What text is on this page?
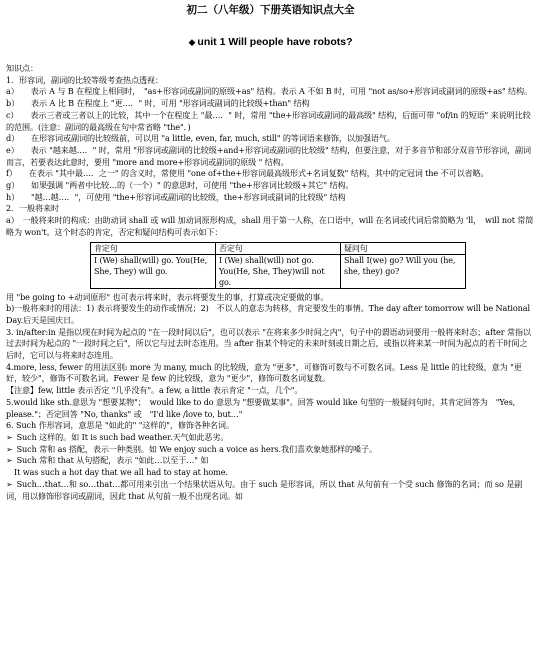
初二（八年级）下册英语知识点大全
◆ unit 1 Will people have robots?
知识点：
1．形容词，副词的比较等级考查热点透视：
a）　　表示 A 与 B 在程度上相同时，　"as+形容词或副词的原级+as" 结构。表示 A 不如 B 时，可用 "not as/so+形容词或副词的原级+as" 结构。
b）　　表示 A 比 B 在程度上 "更…．" 时，可用 "形容词或副词的比较级+than" 结构
c）　　表示三者或三者以上的比较，其中一个在程度上 "最…．" 时，常用 "the+形容词或副词的最高级" 结构，后面可带 "of/in 的短语" 来说明比较的范围。(注意：副词的最高级在句中常省略 "the"．)
d）　　在形容词或副词的比较级前，可以用 "a little, even, far, much, still" 的等词语来修饰，以加强语气。
e）　　表示 "越来越…．" 时，常用 "形容词或副词的比较级+and+形容词或副词的比较级" 结构，但要注意，对于多音节和部分双音节形容词，副词而言，若要表达此意时，要用 "more and more+形容词或副词的原级 " 结构。
f）　　在表示 "其中最…．之一" 的含义时，常使用 "one of+the+形容词最高级形式+名词复数" 结构，其中的定冠词 the 不可以省略。
g）　　如果强调 "两者中比较…的（一个）" 的意思时，可使用 "the+形容词比较级+其它" 结构。
h）　　"越…越…．"，可使用 "the+形容词或副词的比较级，the+形容词或副词的比较级" 结构
2．一般将来时
a）　一般将来时的构成：由助动词 shall 或 will 加动词原形构成，shall 用于第一人称，在口语中，will 在名词或代词后常简略为 'll，　will not 常简略为 won't。这个时态的肯定，否定和疑问结构可表示如下：
肯定句	否定句	疑问句
I (We) shall(will) go. You(He, She, They) will go.	I (We) shall(will) not go. You(He, She, They)will not go.	Shall I(we) go? Will you (he, she, they) go?
用 "be going to +动词原形" 也可表示将来时，表示将要发生的事，打算或决定要做的事。
b)一般将来时的用法：1) 表示将要发生的动作或情况；2)　不以人的意志为转移，肯定要发生的事情。The day after tomorrow will be National Day.后天是国庆日。
3. in/after:in 是指以现在时间为起点的 "在一段时间以后"，也可以表示 "在将来多少时间之内"，句子中的谓语动词要用一般将来时态；after 常指以过去时间为起点的 "一段时间之后"，所以它与过去时态连用。当 after 指某个特定的未来时刻或日期之后，或指以将来某一时间为起点的若干时间之后时，它可以与将来时态连用。
4.more, less, fewer 的用法区别: more 为 many, much 的比较级，意为 "更多"，可修饰可数与不可数名词。Less 是 little 的比较级，意为 "更好，较少"，修饰不可数名词。Fewer 是 few 的比较级，意为 "更少"，修饰可数名词复数。
【注意】few, little 表示否定 "几乎没有"。a few, a little 表示肯定 "一点，几个"。
5.would like sth.意思为 "想要某物"；　would like to do 意思为 "想要做某事"。回答 would like 句型的一般疑问句时，其肯定回答为　"Yes, please."；否定回答 "No, thanks" 或　"I'd like /love to, but…"
6. Such 作形容词，意思是 "如此的" "这样的"，修饰各种名词。
➢ Such 这样的。如 It is such bad weather.天气如此恶劣。
➢ Such 常和 as 搭配，表示一种类别。如 We enjoy such a voice as hers.我们喜欢象她那样的嗓子。
➢ Such 常和 that 从句搭配，表示 "如此…以至于…" 如
　It was such a hot day that we all had to stay at home.
➢ Such…that…和 so…that…都可用来引出一个结果状语从句。由于 such 是形容词，所以 that 从句前有一个受 such 修饰的名词；而 so 是副词，用以修饰形容词或副词，因此 that 从句前一般不出现名词。如
